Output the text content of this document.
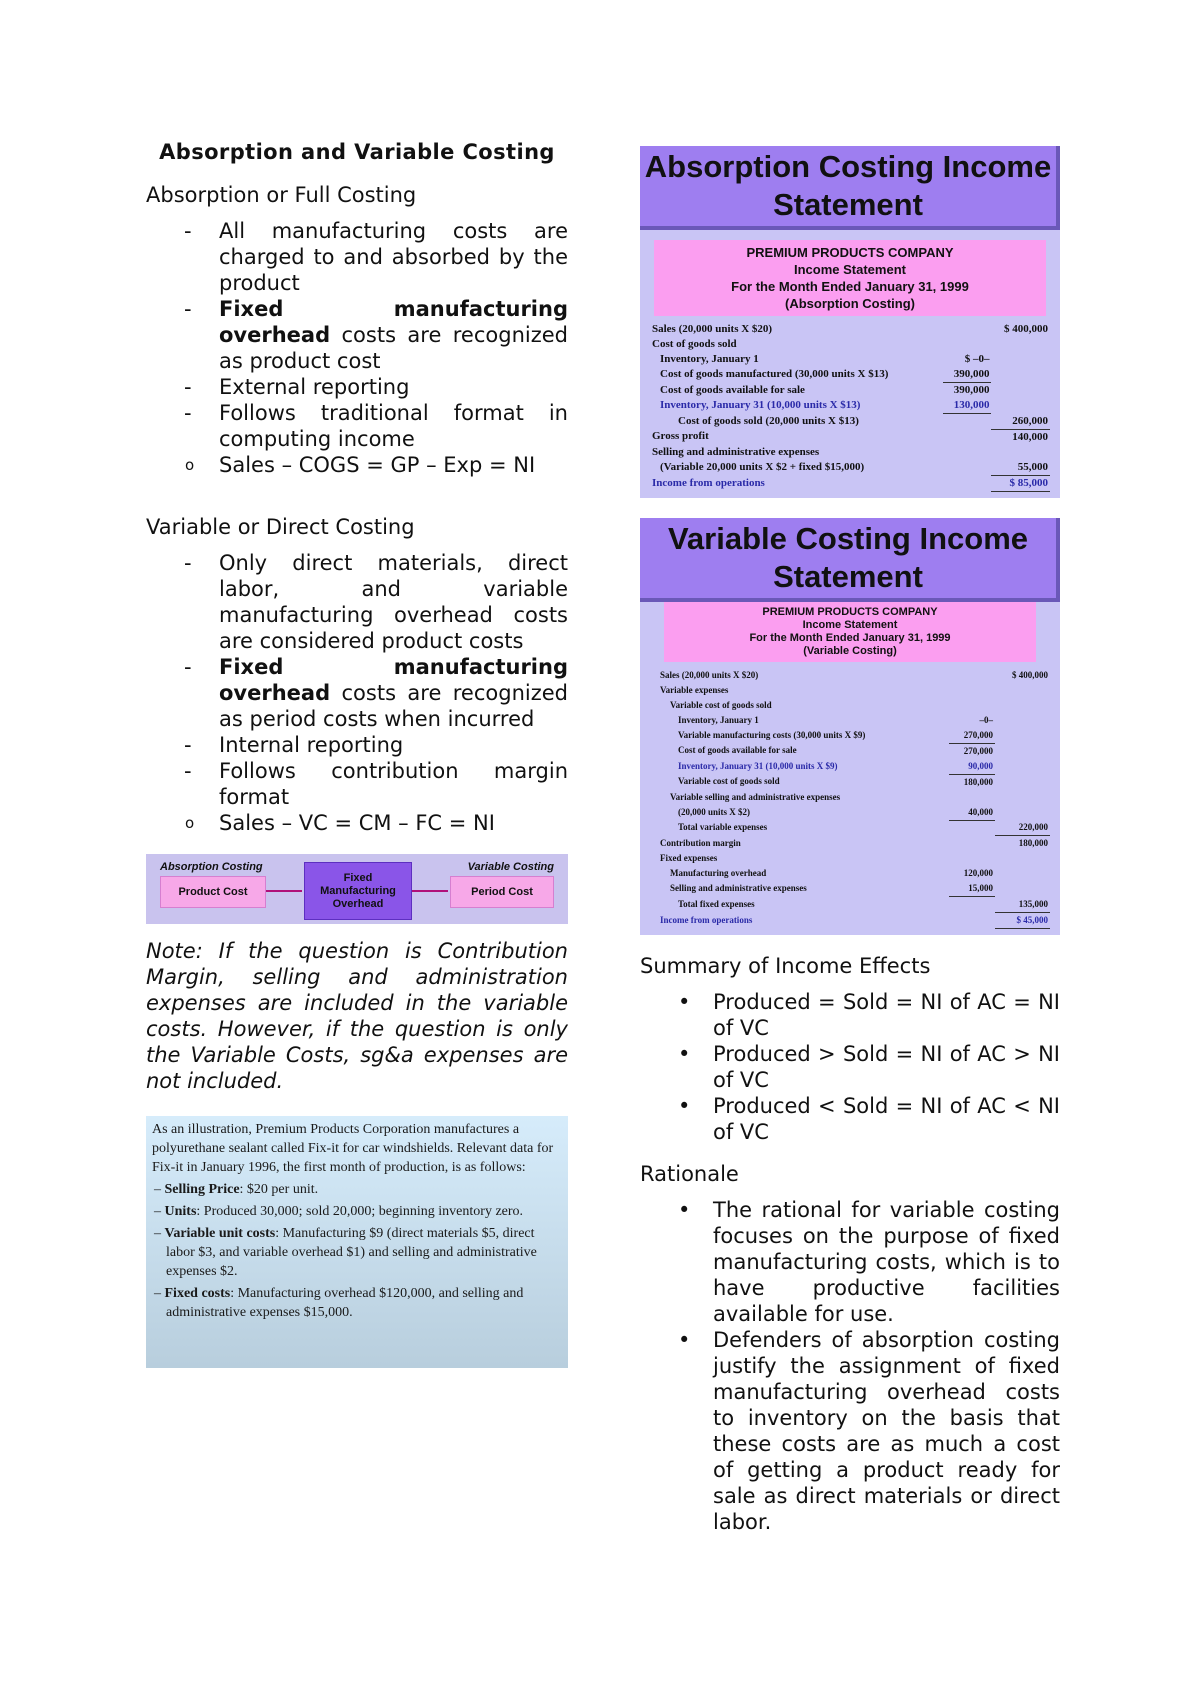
Absorption and Variable Costing
Absorption or Full Costing
- All manufacturing costs are charged to and absorbed by the product
- Fixed manufacturing
overhead costs are recognized as product cost
- External reporting
- Follows traditional format in computing income
o Sales – COGS = GP – Exp = NI
Variable or Direct Costing
- Only direct materials, direct labor, and variable manufacturing overhead costs are considered product costs
- Fixed manufacturing
overhead costs are recognized as period costs when incurred
- Internal reporting
- Follows contribution margin format
o Sales – VC = CM – FC = NI
Absorption Costing	Variable Costing
Product Cost
Fixed Manufacturing Overhead
Period Cost
Note: If the question is Contribution Margin, selling and administration expenses are included in the variable costs. However, if the question is only the Variable Costs, sg&a expenses are not included.

As an illustration, Premium Products Corporation manufactures a polyurethane sealant called Fix-it for car windshields. Relevant data for Fix-it in January 1996, the first month of production, is as follows:

– Selling Price: $20 per unit.

– Units: Produced 30,000; sold 20,000; beginning inventory zero.

– Variable unit costs: Manufacturing $9 (direct materials $5, direct labor $3, and variable overhead $1) and selling and administrative expenses $2.

– Fixed costs: Manufacturing overhead $120,000, and selling and administrative expenses $15,000.

Absorption Costing Income Statement
PREMIUM PRODUCTS COMPANY
Income Statement
For the Month Ended January 31, 1999
(Absorption Costing)
Sales (20,000 units X $20)		$ 400,000
Cost of goods sold		
Inventory, January 1	$ –0–	
Cost of goods manufactured (30,000 units X $13)	390,000	
Cost of goods available for sale	390,000	
Inventory, January 31 (10,000 units X $13)	130,000	
Cost of goods sold (20,000 units X $13)		260,000
Gross profit		140,000
Selling and administrative expenses		
(Variable 20,000 units X $2 + fixed $15,000)		55,000
Income from operations		$ 85,000
Variable Costing Income Statement
PREMIUM PRODUCTS COMPANY
Income Statement
For the Month Ended January 31, 1999
(Variable Costing)
Sales (20,000 units X $20)		$ 400,000
Variable expenses		
Variable cost of goods sold		
Inventory, January 1	–0–	
Variable manufacturing costs (30,000 units X $9)	270,000	
Cost of goods available for sale	270,000	
Inventory, January 31 (10,000 units X $9)	90,000	
Variable cost of goods sold	180,000	
Variable selling and administrative expenses		
(20,000 units X $2)	40,000	
Total variable expenses		220,000
Contribution margin		180,000
Fixed expenses		
Manufacturing overhead	120,000	
Selling and administrative expenses	15,000	
Total fixed expenses		135,000
Income from operations		$ 45,000
Summary of Income Effects
• Produced = Sold = NI of AC = NI of VC
• Produced > Sold = NI of AC > NI of VC
• Produced < Sold = NI of AC < NI of VC
Rationale
• The rational for variable costing focuses on the purpose of fixed manufacturing costs, which is to have productive facilities available for use.
• Defenders of absorption costing justify the assignment of fixed manufacturing overhead costs to inventory on the basis that these costs are as much a cost of getting a product ready for sale as direct materials or direct labor.
